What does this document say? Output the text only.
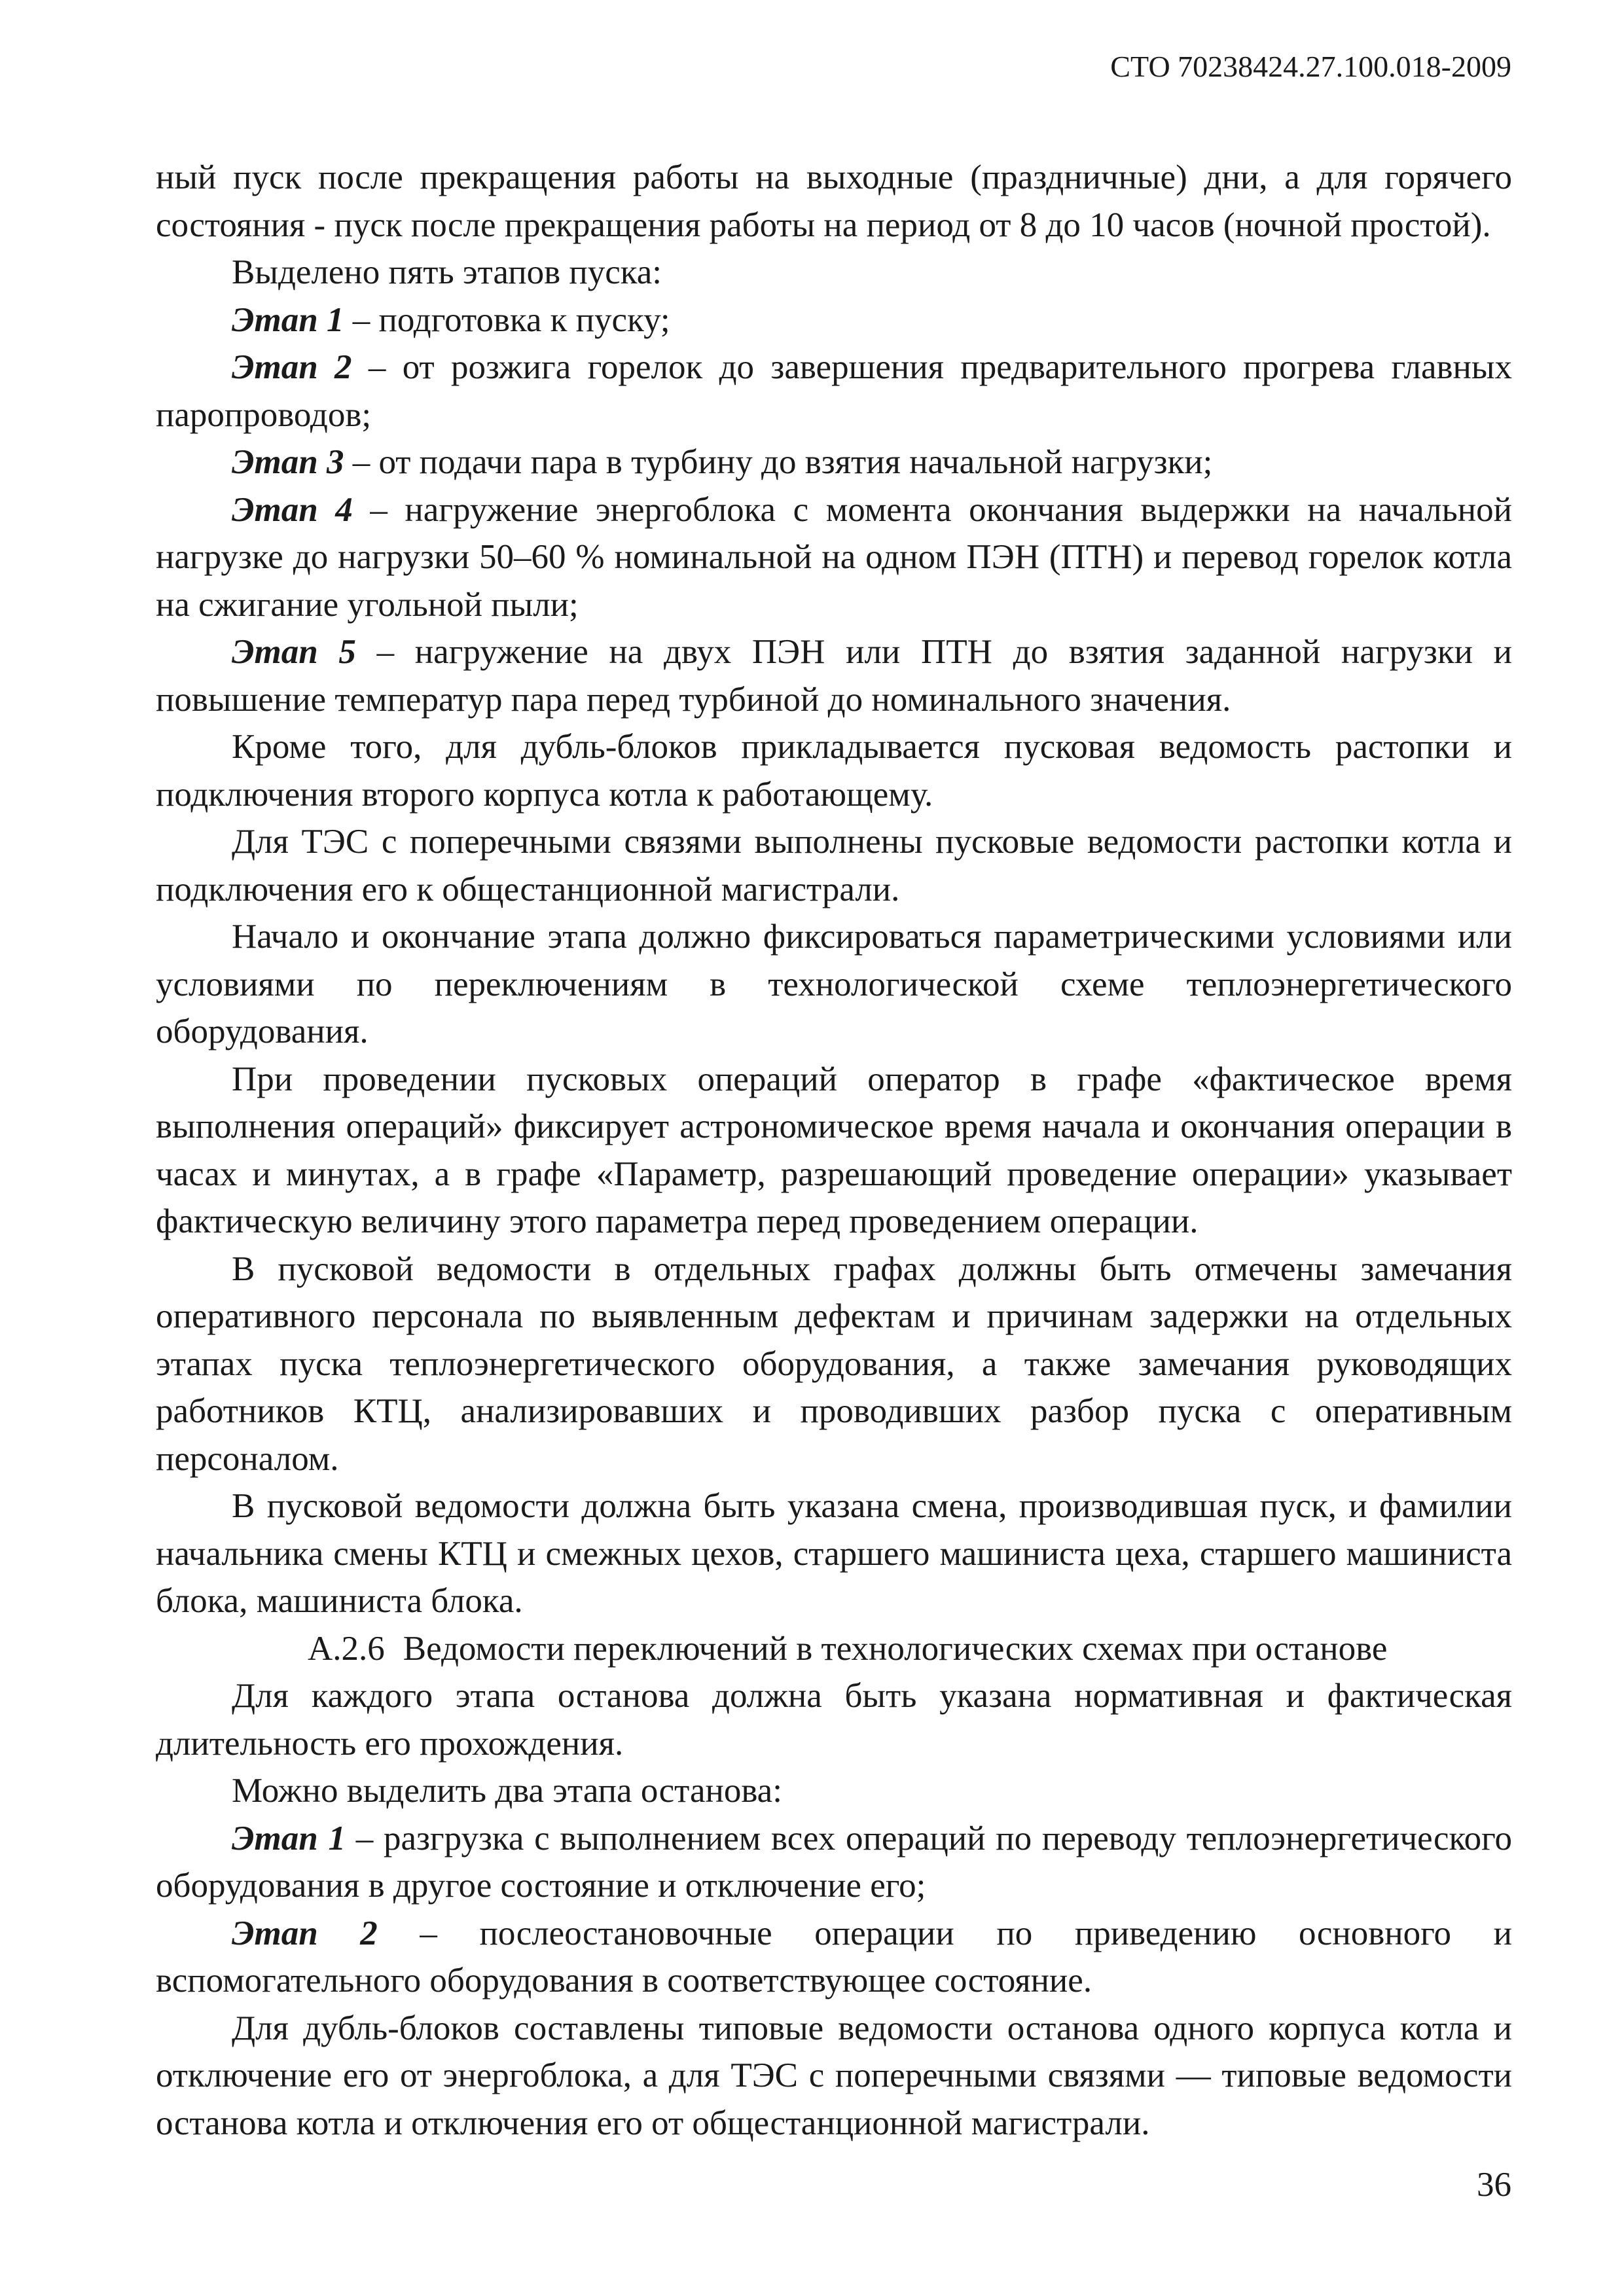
СТО 70238424.27.100.018-2009

ный пуск после прекращения работы на выходные (праздничные) дни, а для горячего состояния - пуск после прекращения работы на период от 8 до 10 часов (ночной простой).

Выделено пять этапов пуска:

Этап 1 – подготовка к пуску;

Этап 2 – от розжига горелок до завершения предварительного прогрева главных паропроводов;

Этап 3 – от подачи пара в турбину до взятия начальной нагрузки;

Этап 4 – нагружение энергоблока с момента окончания выдержки на начальной нагрузке до нагрузки 50–60 % номинальной на одном ПЭН (ПТН) и перевод горелок котла на сжигание угольной пыли;

Этап 5 – нагружение на двух ПЭН или ПТН до взятия заданной нагрузки и повышение температур пара перед турбиной до номинального значения.

Кроме того, для дубль-блоков прикладывается пусковая ведомость растопки и подключения второго корпуса котла к работающему.

Для ТЭС с поперечными связями выполнены пусковые ведомости растопки котла и подключения его к общестанционной магистрали.

Начало и окончание этапа должно фиксироваться параметрическими условиями или условиями по переключениям в технологической схеме теплоэнергетического оборудования.

При проведении пусковых операций оператор в графе «фактическое время выполнения операций» фиксирует астрономическое время начала и окончания операции в часах и минутах, а в графе «Параметр, разрешающий проведение операции» указывает фактическую величину этого параметра перед проведением операции.

В пусковой ведомости в отдельных графах должны быть отмечены замечания оперативного персонала по выявленным дефектам и причинам задержки на отдельных этапах пуска теплоэнергетического оборудования, а также замечания руководящих работников КТЦ, анализировавших и проводивших разбор пуска с оперативным персоналом.

В пусковой ведомости должна быть указана смена, производившая пуск, и фамилии начальника смены КТЦ и смежных цехов, старшего машиниста цеха, старшего машиниста блока, машиниста блока.

А.2.6 Ведомости переключений в технологических схемах при останове

Для каждого этапа останова должна быть указана нормативная и фактическая длительность его прохождения.

Можно выделить два этапа останова:

Этап 1 – разгрузка с выполнением всех операций по переводу теплоэнергетического оборудования в другое состояние и отключение его;

Этап 2 – послеостановочные операции по приведению основного и вспомогательного оборудования в соответствующее состояние.

Для дубль-блоков составлены типовые ведомости останова одного корпуса котла и отключение его от энергоблока, а для ТЭС с поперечными связями — типовые ведомости останова котла и отключения его от общестанционной магистрали.

36
